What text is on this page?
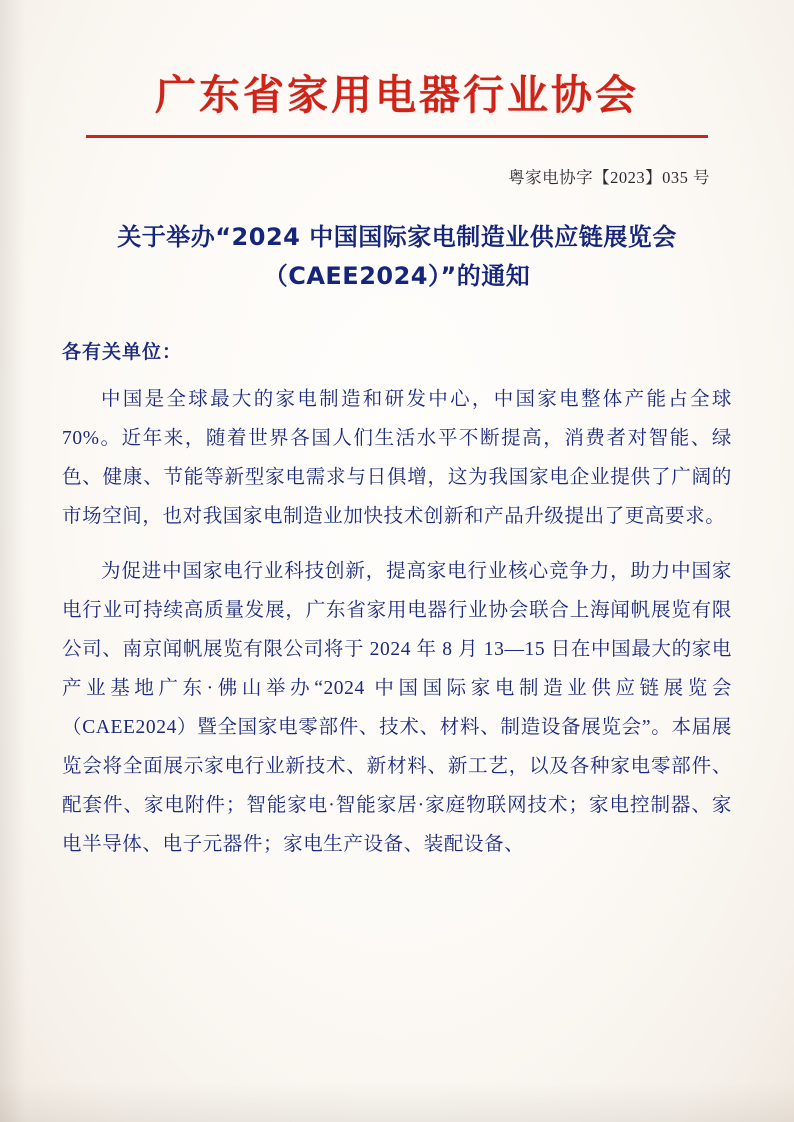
广东省家用电器行业协会
粤家电协字【2023】035 号
关于举办“2024 中国国际家电制造业供应链展览会（CAEE2024）”的通知
各有关单位：
中国是全球最大的家电制造和研发中心，中国家电整体产能占全球 70%。近年来，随着世界各国人们生活水平不断提高，消费者对智能、绿色、健康、节能等新型家电需求与日俱增，这为我国家电企业提供了广阔的市场空间，也对我国家电制造业加快技术创新和产品升级提出了更高要求。
为促进中国家电行业科技创新，提高家电行业核心竞争力，助力中国家电行业可持续高质量发展，广东省家用电器行业协会联合上海闻帆展览有限公司、南京闻帆展览有限公司将于 2024 年 8 月 13—15 日在中国最大的家电产业基地广东·佛山举办“2024 中国国际家电制造业供应链展览会（CAEE2024）暨全国家电零部件、技术、材料、制造设备展览会”。本届展览会将全面展示家电行业新技术、新材料、新工艺，以及各种家电零部件、配套件、家电附件；智能家电·智能家居·家庭物联网技术；家电控制器、家电半导体、电子元器件；家电生产设备、装配设备、
